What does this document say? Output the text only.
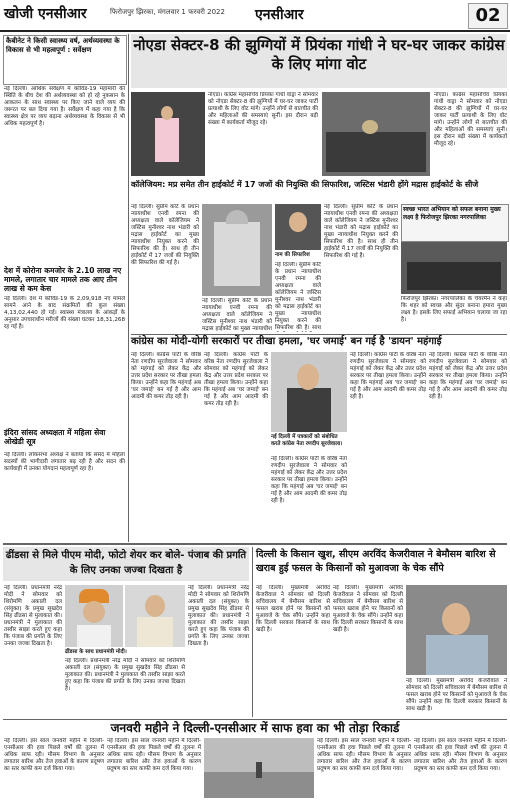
खोजी एनसीआर	फिरोजपुर झिरका, मंगलवार 1 फरवरी 2022 एनसीआर	02
कैबीनेट ने किसी स्वास्थ्य वर्ष, अर्थव्यवस्था के विकास से भी महत्वपूर्ण : सर्वेक्षण
नई दिल्ली। आर्थिक सर्वेक्षण में कोविड-19 महामारी की स्थिति के बीच देश की अर्थव्यवस्था को हो रहे नुकसान के आकलन के साथ स्वास्थ्य पर किए जाने वाले व्यय की जरूरत पर बल दिया गया है। सर्वेक्षण में कहा गया है कि स्वास्थ्य क्षेत्र पर व्यय बढ़ाना अर्थव्यवस्था के विकास से भी अधिक महत्वपूर्ण है।
देश में कोरोना कमजोर के 2.10 लाख नए मामले, लगातार चार मामले तक आए तीन लाख से कम केस
नई दिल्ली। देश में कोविड-19 के 2,09,918 नए मामले सामने आने के बाद संक्रमितों की कुल संख्या 4,13,02,440 हो गई। स्वास्थ्य मंत्रालय के आंकड़ों के अनुसार उपचाराधीन मरीजों की संख्या घटकर 18,31,268 रह गई है।
इंदिरा सांसद अध्यक्षता में महिला सेवा ओखेडी सूत्र
नई दिल्ली। लोकसभा अध्यक्ष ने बताया कि संसद में महिला सदस्यों की भागीदारी लगातार बढ़ रही है और सदन की कार्यवाही में उनका योगदान महत्वपूर्ण रहा है।
नोएडा सेक्टर-8 की झुग्गियों में प्रियंका गांधी ने घर-घर जाकर कांग्रेस के लिए मांगा वोट
नोएडा। कांग्रेस महासचिव प्रियंका गांधी वाड्रा ने सोमवार को नोएडा सेक्टर-8 की झुग्गियों में घर-घर जाकर पार्टी प्रत्याशी के लिए वोट मांगे। उन्होंने लोगों से बातचीत की और महिलाओं की समस्याएं सुनीं। इस दौरान बड़ी संख्या में कार्यकर्ता मौजूद रहे।
नोएडा। कांग्रेस महासचिव प्रियंका गांधी वाड्रा ने सोमवार को नोएडा सेक्टर-8 की झुग्गियों में घर-घर जाकर पार्टी प्रत्याशी के लिए वोट मांगे। उन्होंने लोगों से बातचीत की और महिलाओं की समस्याएं सुनीं। इस दौरान बड़ी संख्या में कार्यकर्ता मौजूद रहे।
कॉलेजियम: मप्र समेत तीन हाईकोर्ट में 17 जजों की नियुक्ति की सिफारिश, जस्टिस भंडारी होंगे मद्रास हाईकोर्ट के सीजे
नई दिल्ली। सुप्रीम कोर्ट के प्रधान न्यायाधीश एनवी रमना की अध्यक्षता वाले कॉलेजियम ने जस्टिस मुनीश्वर नाथ भंडारी को मद्रास हाईकोर्ट का मुख्य न्यायाधीश नियुक्त करने की सिफारिश की है। साथ ही तीन हाईकोर्ट में 17 जजों की नियुक्ति की सिफारिश की गई है।
नई दिल्ली। सुप्रीम कोर्ट के प्रधान न्यायाधीश एनवी रमना की अध्यक्षता वाले कॉलेजियम ने जस्टिस मुनीश्वर नाथ भंडारी को मद्रास हाईकोर्ट का मुख्य न्यायाधीश
नाम की सिफारिश
नई दिल्ली। सुप्रीम कोर्ट के प्रधान न्यायाधीश एनवी रमना की अध्यक्षता वाले कॉलेजियम ने जस्टिस मुनीश्वर नाथ भंडारी को मद्रास हाईकोर्ट का मुख्य न्यायाधीश नियुक्त करने की सिफारिश की है। साथ
नई दिल्ली। सुप्रीम कोर्ट के प्रधान न्यायाधीश एनवी रमना की अध्यक्षता वाले कॉलेजियम ने जस्टिस मुनीश्वर नाथ भंडारी को मद्रास हाईकोर्ट का मुख्य न्यायाधीश नियुक्त करने की सिफारिश की है। साथ ही तीन हाईकोर्ट में 17 जजों की नियुक्ति की सिफारिश की गई है।
स्वच्छ भारत अभियान को सफल बनाना मुख्य लक्ष्य है फिरोजपुर झिरका नगरपालिका
फिरोजपुर झिरका। नगरपालिका के चेयरमैन ने कहा कि शहर को स्वच्छ और सुंदर बनाना हमारा मुख्य लक्ष्य है। इसके लिए सफाई अभियान चलाया जा रहा है।
कांग्रेस का मोदी-योगी सरकारों पर तीखा हमला, 'घर जमाई' बन गई है 'डायन' महंगाई
नई दिल्ली। कांग्रेस पार्टी के वरिष्ठ नेता रणदीप सुरजेवाला ने सोमवार को महंगाई को लेकर केंद्र और उत्तर प्रदेश सरकार पर तीखा हमला किया। उन्होंने कहा कि महंगाई अब 'घर जमाई' बन गई है और आम आदमी की कमर तोड़ रही है।
नई दिल्ली। कांग्रेस पार्टी के वरिष्ठ नेता रणदीप सुरजेवाला ने सोमवार को महंगाई को लेकर केंद्र और उत्तर प्रदेश सरकार पर तीखा हमला किया। उन्होंने कहा कि महंगाई अब 'घर जमाई' बन गई है और आम आदमी की कमर तोड़ रही है।
नई दिल्ली में पत्रकारों को संबोधित करते कांग्रेस नेता रणदीप सुरजेवाला।
नई दिल्ली। कांग्रेस पार्टी के वरिष्ठ नेता रणदीप सुरजेवाला ने सोमवार को महंगाई को लेकर केंद्र और उत्तर प्रदेश सरकार पर तीखा हमला किया। उन्होंने कहा कि महंगाई अब 'घर जमाई' बन गई है और आम आदमी की कमर तोड़ रही है।
नई दिल्ली। कांग्रेस पार्टी के वरिष्ठ नेता रणदीप सुरजेवाला ने सोमवार को महंगाई को लेकर केंद्र और उत्तर प्रदेश सरकार पर तीखा हमला किया। उन्होंने कहा कि महंगाई अब 'घर जमाई' बन गई है और आम आदमी की कमर तोड़ रही है।
नई दिल्ली। कांग्रेस पार्टी के वरिष्ठ नेता रणदीप सुरजेवाला ने सोमवार को महंगाई को लेकर केंद्र और उत्तर प्रदेश सरकार पर तीखा हमला किया। उन्होंने कहा कि महंगाई अब 'घर जमाई' बन गई है और आम आदमी की कमर तोड़ रही है।
ढींडसा से मिले पीएम मोदी, फोटो शेयर कर बोले- पंजाब की प्रगति के लिए उनका जज्बा दिखता है
नई दिल्ली। प्रधानमंत्री नरेंद्र मोदी ने सोमवार को शिरोमणि अकाली दल (संयुक्त) के प्रमुख सुखदेव सिंह ढींडसा से मुलाकात की। प्रधानमंत्री ने मुलाकात की तस्वीर साझा करते हुए कहा कि पंजाब की प्रगति के लिए उनका जज्बा दिखता है।
ढींडसा के साथ प्रधानमंत्री मोदी।
नई दिल्ली। प्रधानमंत्री नरेंद्र मोदी ने सोमवार को शिरोमणि अकाली दल (संयुक्त) के प्रमुख सुखदेव सिंह ढींडसा से मुलाकात की। प्रधानमंत्री ने मुलाकात की तस्वीर साझा करते हुए कहा कि पंजाब की प्रगति के लिए उनका जज्बा दिखता है।
नई दिल्ली। प्रधानमंत्री नरेंद्र मोदी ने सोमवार को शिरोमणि अकाली दल (संयुक्त) के प्रमुख सुखदेव सिंह ढींडसा से मुलाकात की। प्रधानमंत्री ने मुलाकात की तस्वीर साझा करते हुए कहा कि पंजाब की प्रगति के लिए उनका जज्बा दिखता है।
दिल्ली के किसान खुश, सीएम अरविंद केजरीवाल ने बेमौसम बारिश से खराब हुई फसल के किसानों को मुआवजा के चेक सौंपे
नई दिल्ली। मुख्यमंत्री अरविंद केजरीवाल ने सोमवार को दिल्ली सचिवालय में बेमौसम बारिश से फसल खराब होने पर किसानों को मुआवजे के चेक सौंपे। उन्होंने कहा कि दिल्ली सरकार किसानों के साथ खड़ी है।
नई दिल्ली। मुख्यमंत्री अरविंद केजरीवाल ने सोमवार को दिल्ली सचिवालय में बेमौसम बारिश से फसल खराब होने पर किसानों को मुआवजे के चेक सौंपे। उन्होंने कहा कि दिल्ली सरकार किसानों के साथ खड़ी है।
नई दिल्ली। मुख्यमंत्री अरविंद केजरीवाल ने सोमवार को दिल्ली सचिवालय में बेमौसम बारिश से फसल खराब होने पर किसानों को मुआवजे के चेक सौंपे। उन्होंने कहा कि दिल्ली सरकार किसानों के साथ खड़ी है।
जनवरी महीने ने दिल्ली-एनसीआर में साफ हवा का भी तोड़ा रिकार्ड
नई दिल्ली। इस साल जनवरी महीने में दिल्ली-एनसीआर की हवा पिछले वर्षों की तुलना में अधिक साफ रही। मौसम विभाग के अनुसार लगातार बारिश और तेज हवाओं के कारण प्रदूषण का स्तर काफी कम दर्ज किया गया।
नई दिल्ली। इस साल जनवरी महीने में दिल्ली-एनसीआर की हवा पिछले वर्षों की तुलना में अधिक साफ रही। मौसम विभाग के अनुसार लगातार बारिश और तेज हवाओं के कारण प्रदूषण का स्तर काफी कम दर्ज किया गया।
नई दिल्ली। इस साल जनवरी महीने में दिल्ली-एनसीआर की हवा पिछले वर्षों की तुलना में अधिक साफ रही। मौसम विभाग के अनुसार लगातार बारिश और तेज हवाओं के कारण प्रदूषण का स्तर काफी कम दर्ज किया गया।
नई दिल्ली। इस साल जनवरी महीने में दिल्ली-एनसीआर की हवा पिछले वर्षों की तुलना में अधिक साफ रही। मौसम विभाग के अनुसार लगातार बारिश और तेज हवाओं के कारण प्रदूषण का स्तर काफी कम दर्ज किया गया।
